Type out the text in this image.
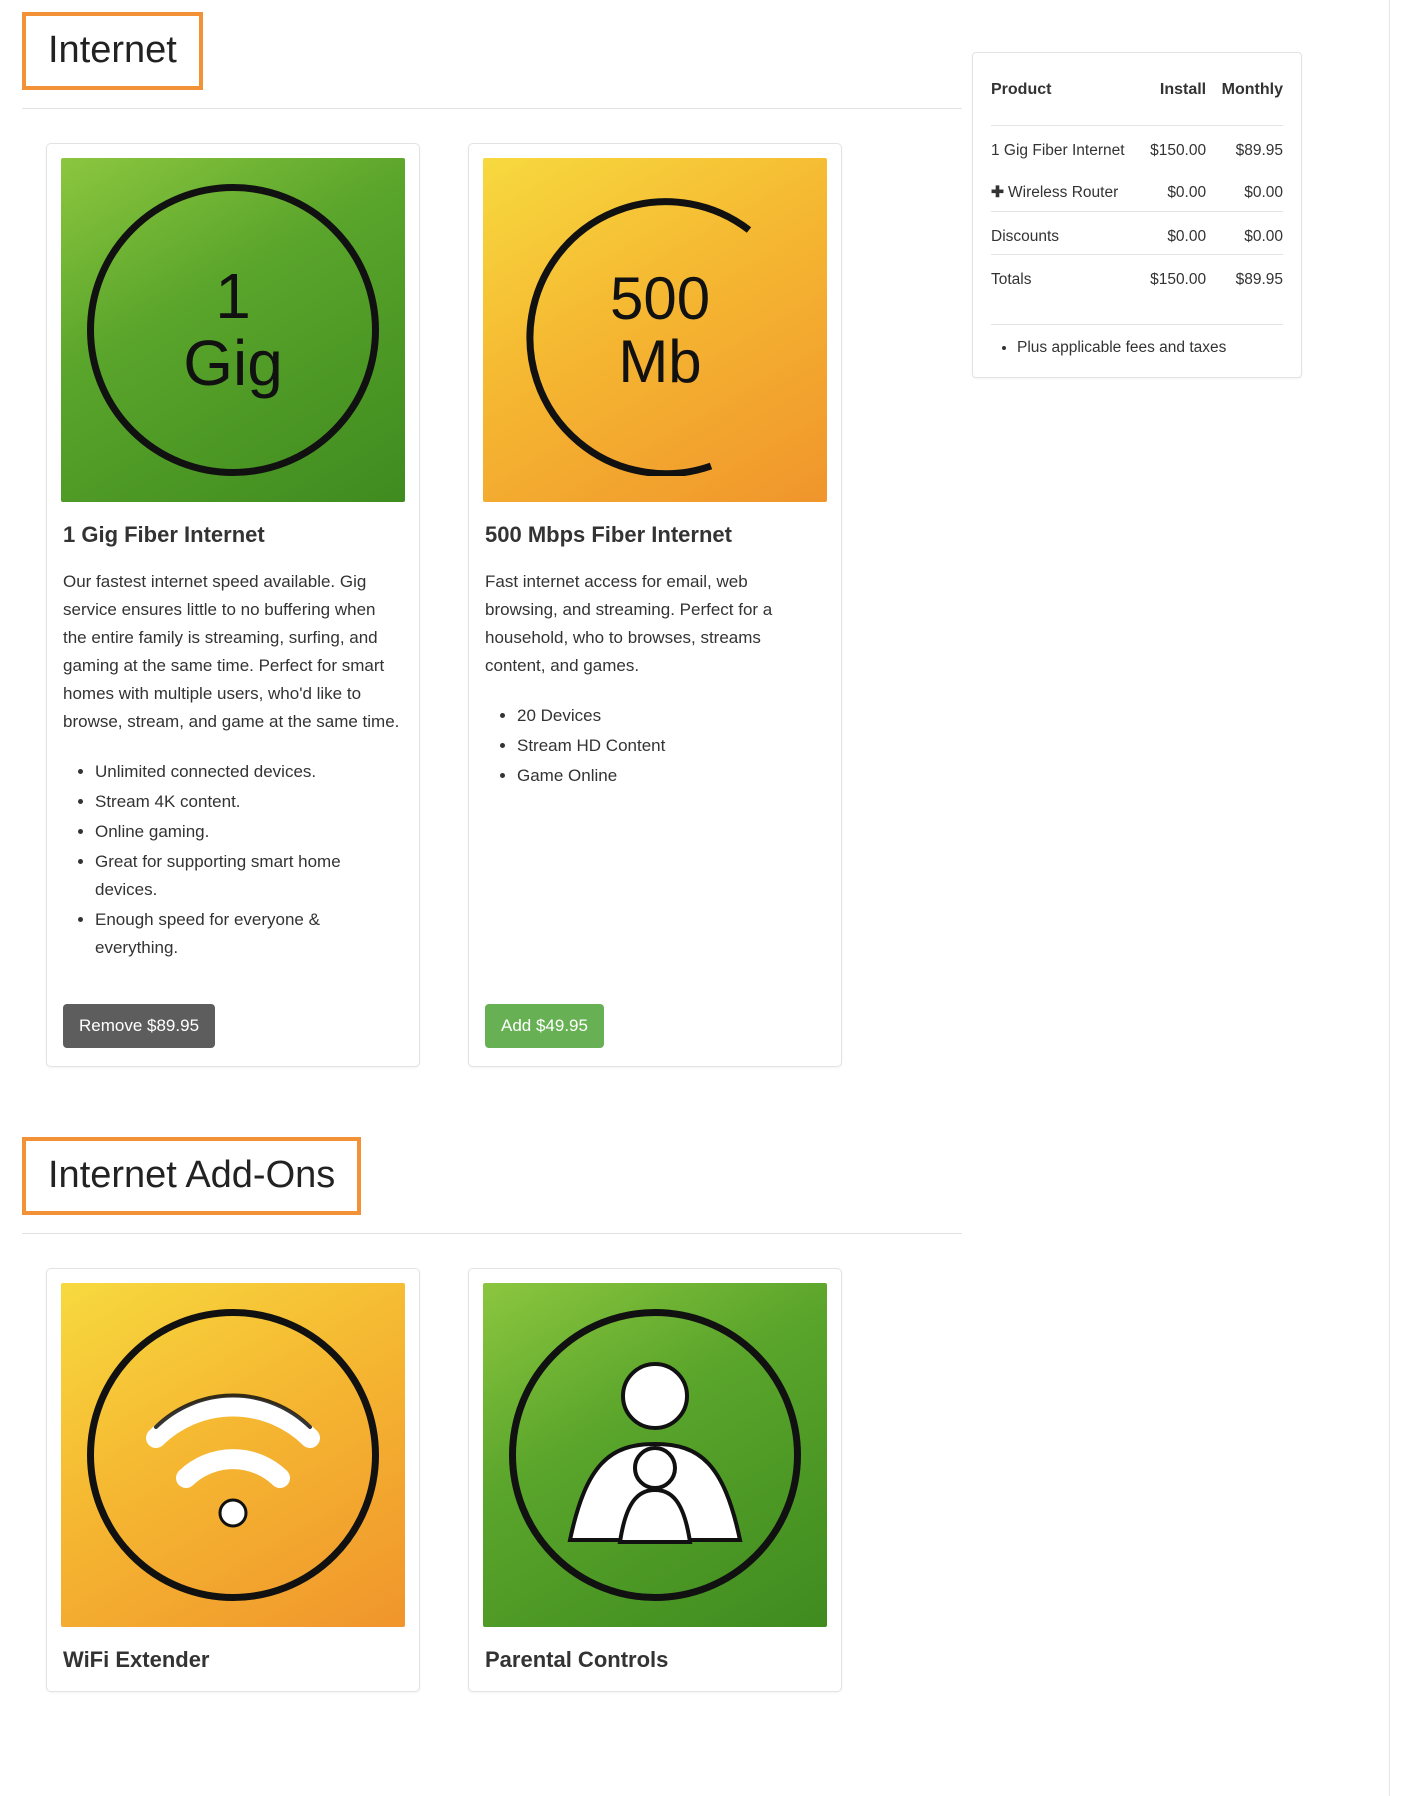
Internet
1
Gig
1 Gig Fiber Internet
Our fastest internet speed available. Gig service ensures little to no buffering when the entire family is streaming, surfing, and gaming at the same time. Perfect for smart homes with multiple users, who'd like to browse, stream, and game at the same time.
• Unlimited connected devices.
• Stream 4K content.
• Online gaming.
• Great for supporting smart home devices.
• Enough speed for everyone & everything.
Remove $89.95
500
Mb
500 Mbps Fiber Internet
Fast internet access for email, web browsing, and streaming. Perfect for a household, who to browses, streams content, and games.
• 20 Devices
• Stream HD Content
• Game Online
Add $49.95
Internet Add-Ons
WiFi Extender	Parental Controls
Product	Install	Monthly
1 Gig Fiber Internet	$150.00	$89.95
✚ Wireless Router	$0.00	$0.00
Discounts	$0.00	$0.00
Totals	$150.00	$89.95
• Plus applicable fees and taxes
